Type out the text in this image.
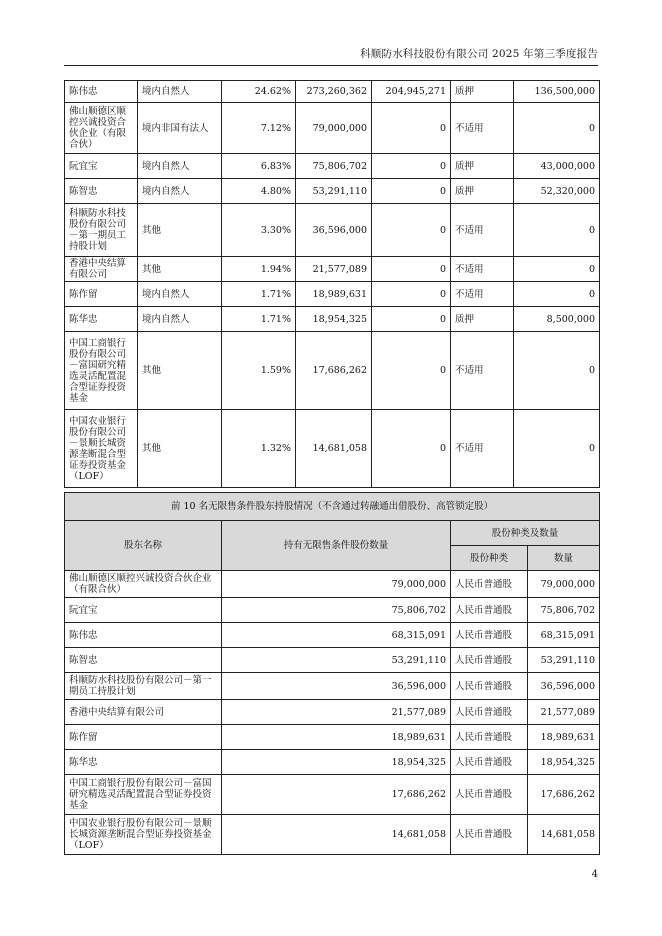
科顺防水科技股份有限公司 2025 年第三季度报告
陈伟忠	境内自然人	24.62%	273,260,362	204,945,271	质押	136,500,000
佛山顺德区顺控兴诚投资合伙企业（有限合伙）	境内非国有法人	7.12%	79,000,000	0	不适用	0
阮宜宝	境内自然人	6.83%	75,806,702	0	质押	43,000,000
陈智忠	境内自然人	4.80%	53,291,110	0	质押	52,320,000
科顺防水科技股份有限公司－第一期员工持股计划	其他	3.30%	36,596,000	0	不适用	0
香港中央结算有限公司	其他	1.94%	21,577,089	0	不适用	0
陈作留	境内自然人	1.71%	18,989,631	0	不适用	0
陈华忠	境内自然人	1.71%	18,954,325	0	质押	8,500,000
中国工商银行股份有限公司－富国研究精选灵活配置混合型证券投资基金	其他	1.59%	17,686,262	0	不适用	0
中国农业银行股份有限公司－景顺长城资源垄断混合型证券投资基金（LOF）	其他	1.32%	14,681,058	0	不适用	0
前 10 名无限售条件股东持股情况（不含通过转融通出借股份、高管锁定股）			
股东名称	持有无限售条件股份数量	股份种类及数量	
		股份种类	数量
佛山顺德区顺控兴诚投资合伙企业（有限合伙）	79,000,000	人民币普通股	79,000,000
阮宜宝	75,806,702	人民币普通股	75,806,702
陈伟忠	68,315,091	人民币普通股	68,315,091
陈智忠	53,291,110	人民币普通股	53,291,110
科顺防水科技股份有限公司－第一期员工持股计划	36,596,000	人民币普通股	36,596,000
香港中央结算有限公司	21,577,089	人民币普通股	21,577,089
陈作留	18,989,631	人民币普通股	18,989,631
陈华忠	18,954,325	人民币普通股	18,954,325
中国工商银行股份有限公司－富国研究精选灵活配置混合型证券投资基金	17,686,262	人民币普通股	17,686,262
中国农业银行股份有限公司－景顺长城资源垄断混合型证券投资基金（LOF）	14,681,058	人民币普通股	14,681,058
4
